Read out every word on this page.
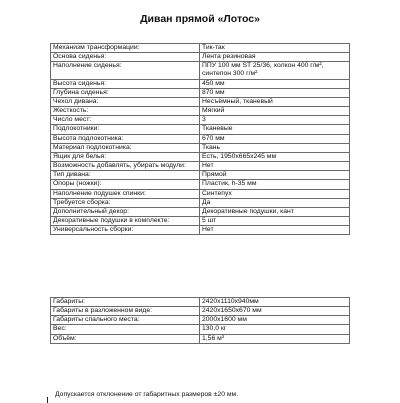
Диван прямой «Лотос»
Механизм трансформации:	Тик-так
Основа сиденья:	Лента резиновая
Наполнение сиденья:	ППУ 100 мм ST 25/36, холкон 400 г/м², синтепон 300 г/м²
Высота сиденья:	450 мм
Глубина сиденья:	870 мм
Чехол дивана:	Несъёмный, тканевый
Жесткость:	Мягкий
Число мест:	3
Подлокотники:	Тканевые
Высота подлокотника:	670 мм
Материал подлокотника:	Ткань
Ящик для белья:	Есть, 1950x665x245 мм
Возможность добавлять, убирать модули:	Нет
Тип дивана:	Прямой
Опоры (ножки):	Пластик, h-35 мм
Наполнение подушек спинки:	Синтепух
Требуется сборка:	Да
Дополнительный декор:	Декоративные подушки, кант
Декоративные подушки в комплекте:	5 шт
Универсальность сборки:	Нет
Габариты:	2420x1110x940мм
Габариты в разложенном виде:	2420x1650x670 мм
Габариты спального места:	2000x1600 мм
Вес:	130,0 кг
Объём:	1,56 м³
Допускается отклонение от габаритных размеров ±20 мм.
